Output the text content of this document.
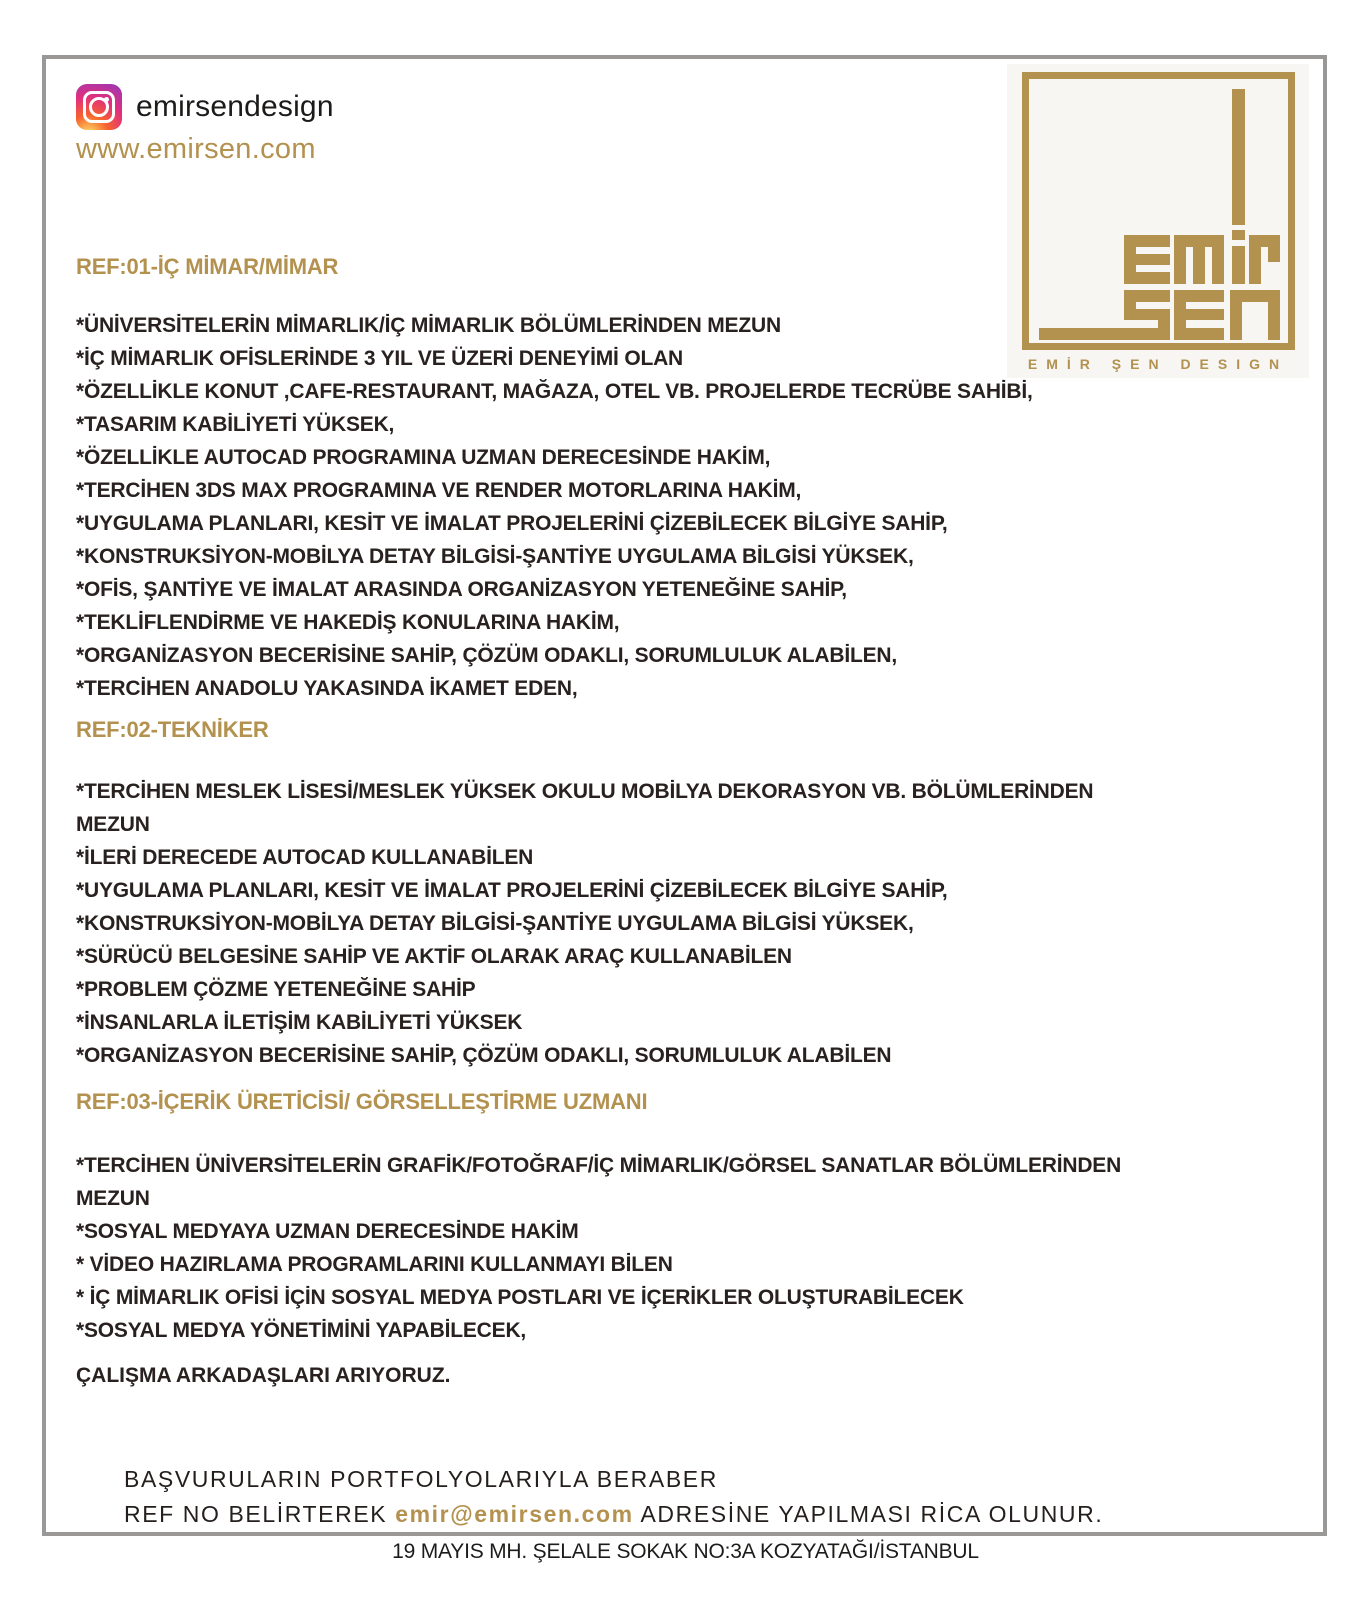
emirsendesign
www.emirsen.com
EMİR ŞEN DESIGN
REF:01-İÇ MİMAR/MİMAR
*ÜNİVERSİTELERİN MİMARLIK/İÇ MİMARLIK BÖLÜMLERİNDEN MEZUN
*İÇ MİMARLIK OFİSLERİNDE 3 YIL VE ÜZERİ DENEYİMİ OLAN
*ÖZELLİKLE KONUT ,CAFE-RESTAURANT, MAĞAZA, OTEL VB. PROJELERDE TECRÜBE SAHİBİ,
*TASARIM KABİLİYETİ YÜKSEK,
*ÖZELLİKLE AUTOCAD PROGRAMINA UZMAN DERECESİNDE HAKİM,
*TERCİHEN 3DS MAX PROGRAMINA VE RENDER MOTORLARINA HAKİM,
*UYGULAMA PLANLARI, KESİT VE İMALAT PROJELERİNİ ÇİZEBİLECEK BİLGİYE SAHİP,
*KONSTRUKSİYON-MOBİLYA DETAY BİLGİSİ-ŞANTİYE UYGULAMA BİLGİSİ YÜKSEK,
*OFİS, ŞANTİYE VE İMALAT ARASINDA ORGANİZASYON YETENEĞİNE SAHİP,
*TEKLİFLENDİRME VE HAKEDİŞ KONULARINA HAKİM,
*ORGANİZASYON BECERİSİNE SAHİP, ÇÖZÜM ODAKLI, SORUMLULUK ALABİLEN,
*TERCİHEN ANADOLU YAKASINDA İKAMET EDEN,
REF:02-TEKNİKER
*TERCİHEN MESLEK LİSESİ/MESLEK YÜKSEK OKULU MOBİLYA DEKORASYON VB. BÖLÜMLERİNDEN
MEZUN
*İLERİ DERECEDE AUTOCAD KULLANABİLEN
*UYGULAMA PLANLARI, KESİT VE İMALAT PROJELERİNİ ÇİZEBİLECEK BİLGİYE SAHİP,
*KONSTRUKSİYON-MOBİLYA DETAY BİLGİSİ-ŞANTİYE UYGULAMA BİLGİSİ YÜKSEK,
*SÜRÜCÜ BELGESİNE SAHİP VE AKTİF OLARAK ARAÇ KULLANABİLEN
*PROBLEM ÇÖZME YETENEĞİNE SAHİP
*İNSANLARLA İLETİŞİM KABİLİYETİ YÜKSEK
*ORGANİZASYON BECERİSİNE SAHİP, ÇÖZÜM ODAKLI, SORUMLULUK ALABİLEN
REF:03-İÇERİK ÜRETİCİSİ/ GÖRSELLEŞTİRME UZMANI
*TERCİHEN ÜNİVERSİTELERİN GRAFİK/FOTOĞRAF/İÇ MİMARLIK/GÖRSEL SANATLAR BÖLÜMLERİNDEN
MEZUN
*SOSYAL MEDYAYA UZMAN DERECESİNDE HAKİM
* VİDEO HAZIRLAMA PROGRAMLARINI KULLANMAYI BİLEN
* İÇ MİMARLIK OFİSİ İÇİN SOSYAL MEDYA POSTLARI VE İÇERİKLER OLUŞTURABİLECEK
*SOSYAL MEDYA YÖNETİMİNİ YAPABİLECEK,
ÇALIŞMA ARKADAŞLARI ARIYORUZ.
BAŞVURULARIN PORTFOLYOLARIYLA BERABER
REF NO BELİRTEREK emir@emirsen.com ADRESİNE YAPILMASI RİCA OLUNUR.
19 MAYIS MH. ŞELALE SOKAK NO:3A KOZYATAĞI/İSTANBUL
